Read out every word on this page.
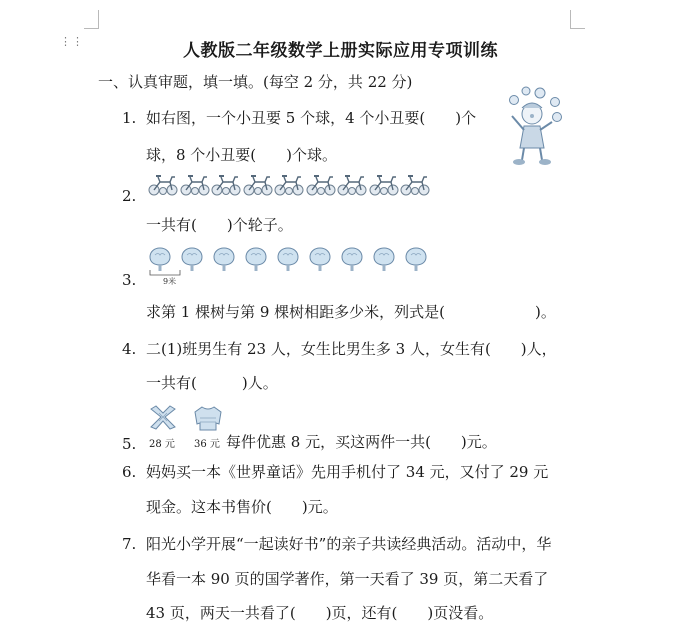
⋮⋮	人教版二年级数学上册实际应用专项训练
一、认真审题，填一填。(每空 2 分，共 22 分)
1. 如右图，一个小丑要 5 个球，4 个小丑要(　　)个
球，8 个小丑要(　　)个球。
2.
一共有(　　)个轮子。
9米
3.
求第 1 棵树与第 9 棵树相距多少米，列式是(　　　　　　)。
4. 二(1)班男生有 23 人，女生比男生多 3 人，女生有(　　)人，
一共有(　　　)人。
5. 28 元 36 元 每件优惠 8 元，买这两件一共(　　)元。
6. 妈妈买一本《世界童话》先用手机付了 34 元，又付了 29 元
现金。这本书售价(　　)元。
7. 阳光小学开展“一起读好书”的亲子共读经典活动。活动中，华
华看一本 90 页的国学著作，第一天看了 39 页，第二天看了
43 页，两天一共看了(　　)页，还有(　　)页没看。
